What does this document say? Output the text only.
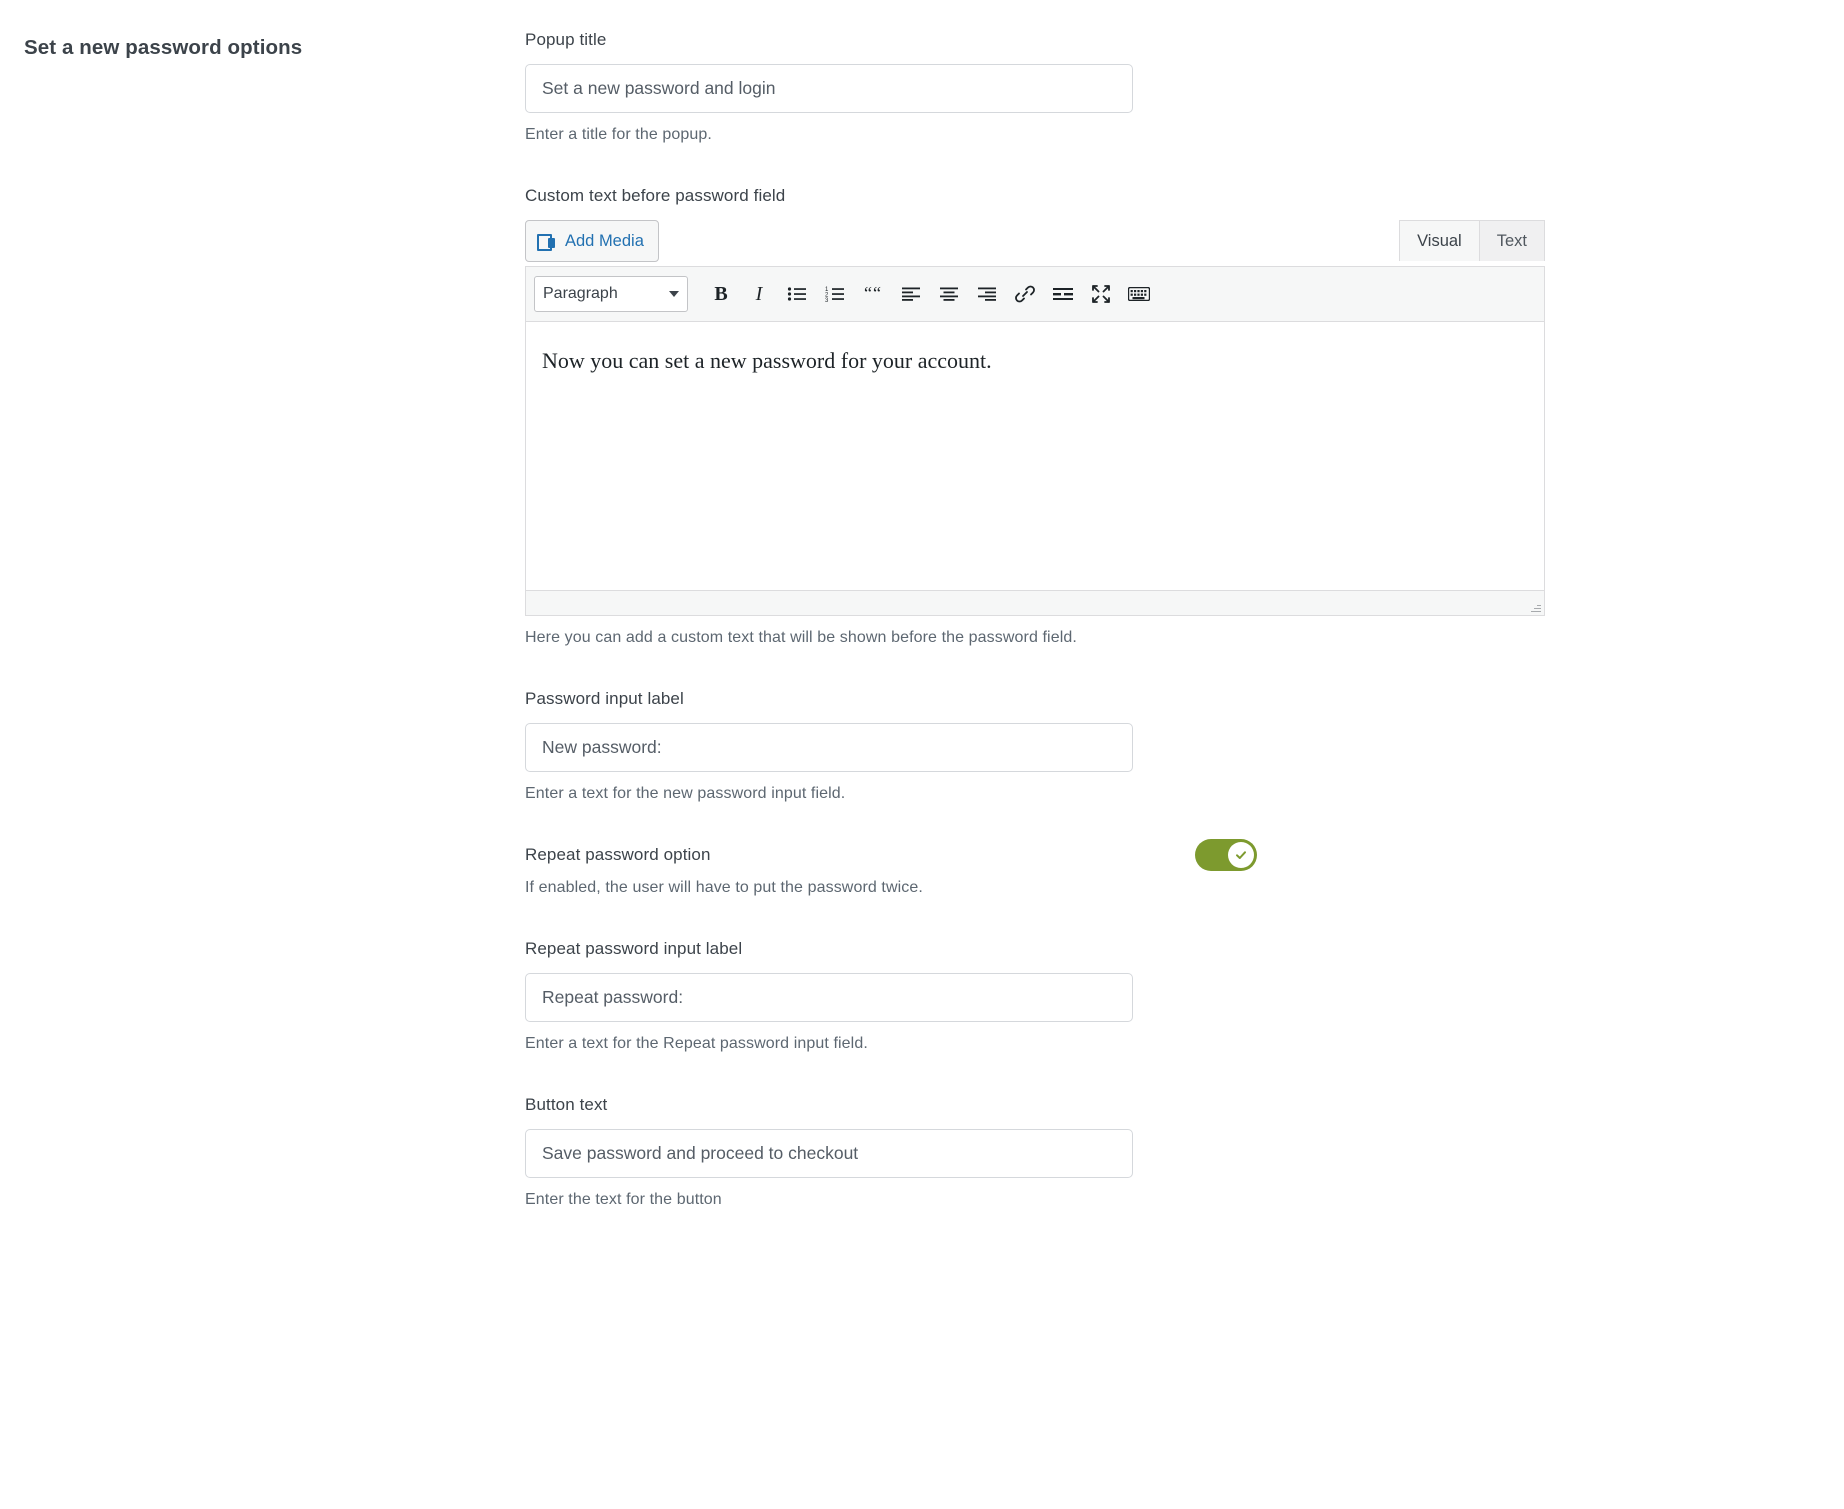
Set a new password options	Popup title
Set a new password and login
Enter a title for the popup.
Custom text before password field
Add Media	Visual	Text
Paragraph	B I	1
2
3 “ “
Now you can set a new password for your account.
Here you can add a custom text that will be shown before the password field.
Password input label
New password:
Enter a text for the new password input field.
Repeat password option
If enabled, the user will have to put the password twice.
Repeat password input label
Repeat password:
Enter a text for the Repeat password input field.
Button text
Save password and proceed to checkout
Enter the text for the button
